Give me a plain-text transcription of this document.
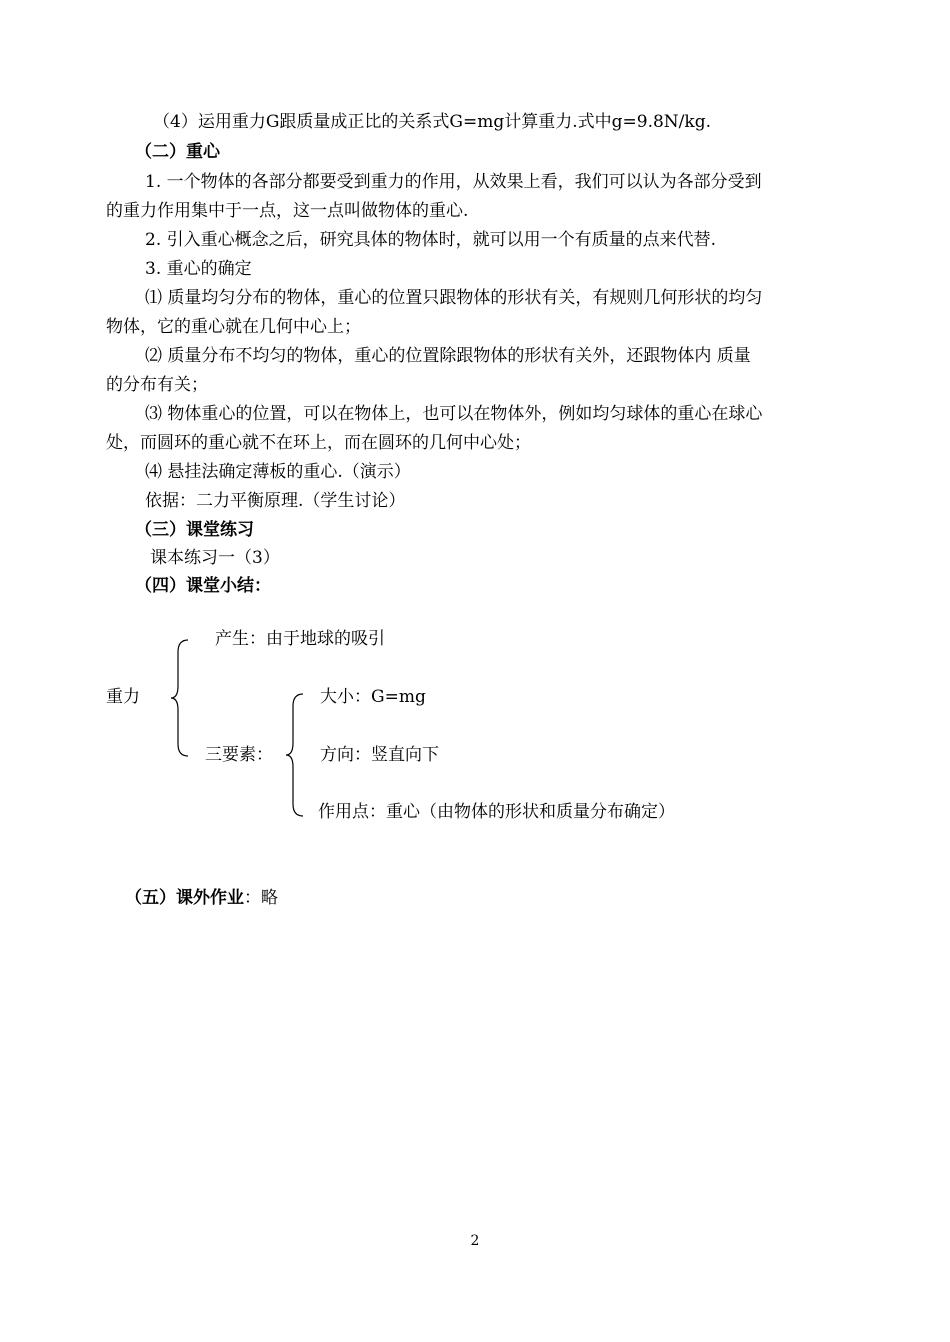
（4）运用重力G跟质量成正比的关系式G=mg计算重力.式中g=9.8N/kg.
（二）重心
1. 一个物体的各部分都要受到重力的作用，从效果上看，我们可以认为各部分受到
的重力作用集中于一点，这一点叫做物体的重心.
2. 引入重心概念之后，研究具体的物体时，就可以用一个有质量的点来代替.
3. 重心的确定
⑴ 质量均匀分布的物体，重心的位置只跟物体的形状有关，有规则几何形状的均匀
物体，它的重心就在几何中心上；
⑵ 质量分布不均匀的物体，重心的位置除跟物体的形状有关外，还跟物体内 质量
的分布有关；
⑶ 物体重心的位置，可以在物体上，也可以在物体外，例如均匀球体的重心在球心
处，而圆环的重心就不在环上，而在圆环的几何中心处；
⑷ 悬挂法确定薄板的重心.（演示）
依据：二力平衡原理.（学生讨论）
（三）课堂练习
课本练习一（3）
（四）课堂小结：
重力
产生：由于地球的吸引
三要素：
大小：G=mg
方向：竖直向下
作用点：重心（由物体的形状和质量分布确定）
（五）课外作业：略
2
